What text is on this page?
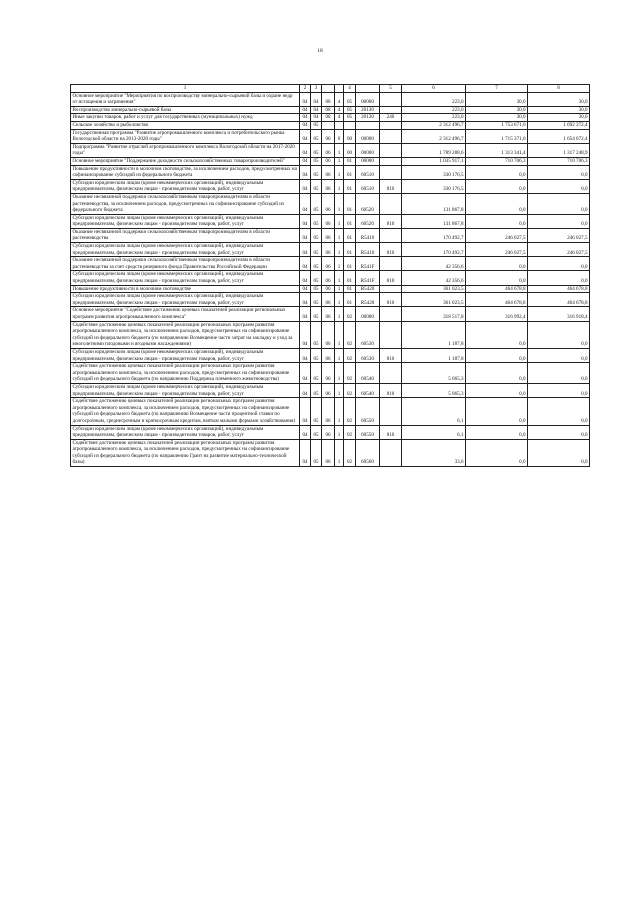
18
1	2	3			4		5	6	7	8
Основное мероприятие "Мероприятия по воспроизводству минерально-сырьевой базы и охране недр от истощения и загрязнения"	04	04	08	4	05	00000		223,0	30,0	30,0
Воспроизводство минерально-сырьевой базы	04	04	08	4	05	20130		223,0	30,0	30,0
Иные закупки товаров, работ и услуг для государственных (муниципальных) нужд	04	04	08	4	05	20130	240	223,0	30,0	30,0
Сельское хозяйство и рыболовство	04	05						2 312 496,7	1 753 671,0	1 692 372,4
Государственная программа "Развитие агропромышленного комплекса и потребительского рынка Вологодской области на 2013-2020 годы"	04	05	06	0	00	00000		2 312 496,7	1 715 371,0	1 654 072,4
Подпрограмма "Развитие отраслей агропромышленного комплекса Вологодской области на 2017-2020 годы"	04	05	06	1	00	00000		1 789 288,6	1 313 341,4	1 317 248,9
Основное мероприятие "Поддержание доходности сельскохозяйственных товаропроизводителей"	04	05	06	1	01	00000		1 035 917,1	710 706,3	710 706,3
Повышение продуктивности в молочном скотоводстве, за исключением расходов, предусмотренных на софинансирование субсидий из федерального бюджета	04	05	06	1	01	60510		330 176,5	0,0	0,0
Субсидии юридическим лицам (кроме некоммерческих организаций), индивидуальным предпринимателям, физическим лицам - производителям товаров, работ, услуг	04	05	06	1	01	60510	810	330 176,5	0,0	0,0
Оказание несвязанной поддержки сельскохозяйственным товаропроизводителям в области растениеводства, за исключением расходов, предусмотренных на софинансирование субсидий из федерального бюджета	04	05	06	1	01	60520		131 867,8	0,0	0,0
Субсидии юридическим лицам (кроме некоммерческих организаций), индивидуальным предпринимателям, физическим лицам - производителям товаров, работ, услуг	04	05	06	1	01	60520	810	131 867,8	0,0	0,0
Оказание несвязанной поддержки сельскохозяйственным товаропроизводителям в области растениеводства	04	05	06	1	01	R5410		170 492,7	246 027,5	246 027,5
Субсидии юридическим лицам (кроме некоммерческих организаций), индивидуальным предпринимателям, физическим лицам - производителям товаров, работ, услуг	04	05	06	1	01	R5410	810	170 492,7	246 027,5	246 027,5
Оказание несвязанной поддержки сельскохозяйственным товаропроизводителям в области растениеводства за счет средств резервного фонда Правительства Российской Федерации	04	05	06	1	01	R541F		42 356,6	0,0	0,0
Субсидии юридическим лицам (кроме некоммерческих организаций), индивидуальным предпринимателям, физическим лицам - производителям товаров, работ, услуг	04	05	06	1	01	R541F	810	42 356,6	0,0	0,0
Повышение продуктивности в молочном скотоводстве	04	05	06	1	01	R5420		361 023,5	464 678,8	464 678,8
Субсидии юридическим лицам (кроме некоммерческих организаций), индивидуальным предпринимателям, физическим лицам - производителям товаров, работ, услуг	04	05	06	1	01	R5420	810	361 023,5	464 678,8	464 678,8
Основное мероприятие "Содействие достижению целевых показателей реализации региональных программ развития агропромышленного комплекса"	04	05	06	1	02	00000		318 517,8	316 992,4	316 918,4
Содействие достижению целевых показателей реализации региональных программ развития агропромышленного комплекса, за исключением расходов, предусмотренных на софинансирование субсидий из федерального бюджета (по направлению Возмещение части затрат на закладку и уход за многолетними плодовыми и ягодными насаждениями)	04	05	06	1	02	60530		1 187,8	0,0	0,0
Субсидии юридическим лицам (кроме некоммерческих организаций), индивидуальным предпринимателям, физическим лицам - производителям товаров, работ, услуг	04	05	06	1	02	60530	810	1 187,8	0,0	0,0
Содействие достижению целевых показателей реализации региональных программ развития агропромышленного комплекса, за исключением расходов, предусмотренных на софинансирование субсидий из федерального бюджета (по направлению Поддержка племенного животноводства)	04	05	06	1	02	60540		5 065,3	0,0	0,0
Субсидии юридическим лицам (кроме некоммерческих организаций), индивидуальным предпринимателям, физическим лицам - производителям товаров, работ, услуг	04	05	06	1	02	60540	810	5 065,3	0,0	0,0
Содействие достижению целевых показателей реализации региональных программ развития агропромышленного комплекса, за исключением расходов, предусмотренных на софинансирование субсидий из федерального бюджета (по направлению Возмещение части процентной ставки по долгосрочным, среднесрочным и краткосрочным кредитам, взятым малыми формами хозяйствования)	04	05	06	1	02	60550		6,1	0,0	0,0
Субсидии юридическим лицам (кроме некоммерческих организаций), индивидуальным предпринимателям, физическим лицам - производителям товаров, работ, услуг	04	05	06	1	02	60550	810	6,1	0,0	0,0
Содействие достижению целевых показателей реализации региональных программ развития агропромышленного комплекса, за исключением расходов, предусмотренных на софинансирование субсидий из федерального бюджета (по направлению Грант на развитие материально-технической базы)	04	05	06	1	02	60560		33,6	0,0	0,0
